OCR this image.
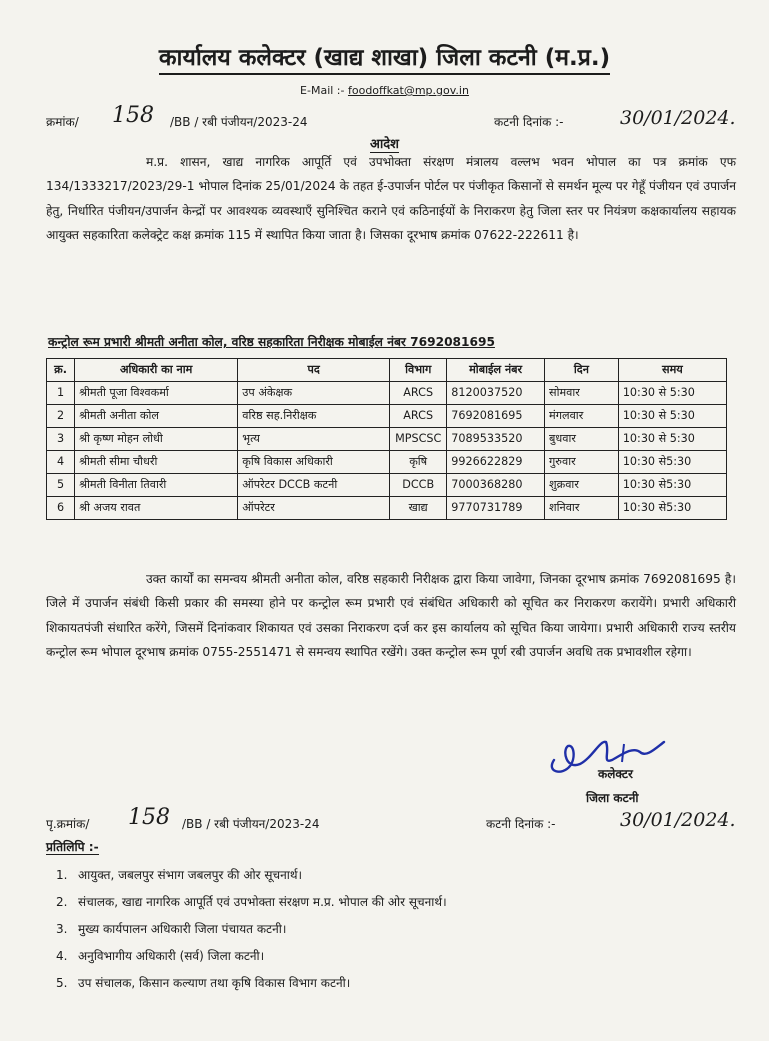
कार्यालय कलेक्टर (खाद्य शाखा) जिला कटनी (म.प्र.)
E-Mail :- foodoffkat@mp.gov.in
क्रमांक/ 158 /BB / रबी पंजीयन/2023-24	कटनी दिनांक :-	30/01/2024.
आदेश
म.प्र. शासन, खाद्य नागरिक आपूर्ति एवं उपभोक्ता संरक्षण मंत्रालय वल्लभ भवन भोपाल का पत्र क्रमांक एफ 134/1333217/2023/29-1 भोपाल दिनांक 25/01/2024 के तहत ई-उपार्जन पोर्टल पर पंजीकृत किसानों से समर्थन मूल्य पर गेहूँ पंजीयन एवं उपार्जन हेतु, निर्धारित पंजीयन/उपार्जन केन्द्रों पर आवश्यक व्यवस्थाएँ सुनिश्चित कराने एवं कठिनाईयों के निराकरण हेतु जिला स्तर पर नियंत्रण कक्षकार्यालय सहायक आयुक्त सहकारिता कलेक्ट्रेट कक्ष क्रमांक 115 में स्थापित किया जाता है। जिसका दूरभाष क्रमांक 07622-222611 है।
कन्ट्रोल रूम प्रभारी श्रीमती अनीता कोल, वरिष्ठ सहकारिता निरीक्षक मोबाईल नंबर 7692081695
क्र.	अधिकारी का नाम	पद	विभाग	मोबाईल नंबर	दिन	समय
1	श्रीमती पूजा विश्वकर्मा	उप अंकेक्षक	ARCS	8120037520	सोमवार	10:30 से 5:30
2	श्रीमती अनीता कोल	वरिष्ठ सह.निरीक्षक	ARCS	7692081695	मंगलवार	10:30 से 5:30
3	श्री कृष्ण मोहन लोधी	भृत्य	MPSCSC	7089533520	बुधवार	10:30 से 5:30
4	श्रीमती सीमा चौधरी	कृषि विकास अधिकारी	कृषि	9926622829	गुरुवार	10:30 से5:30
5	श्रीमती विनीता तिवारी	ऑपरेटर DCCB कटनी	DCCB	7000368280	शुक्रवार	10:30 से5:30
6	श्री अजय रावत	ऑपरेटर	खाद्य	9770731789	शनिवार	10:30 से5:30
उक्त कार्यों का समन्वय श्रीमती अनीता कोल, वरिष्ठ सहकारी निरीक्षक द्वारा किया जावेगा, जिनका दूरभाष क्रमांक 7692081695 है। जिले में उपार्जन संबंधी किसी प्रकार की समस्या होने पर कन्ट्रोल रूम प्रभारी एवं संबंधित अधिकारी को सूचित कर निराकरण करायेंगे। प्रभारी अधिकारी शिकायतपंजी संधारित करेंगे, जिसमें दिनांकवार शिकायत एवं उसका निराकरण दर्ज कर इस कार्यालय को सूचित किया जायेगा। प्रभारी अधिकारी राज्य स्तरीय कन्ट्रोल रूम भोपाल दूरभाष क्रमांक 0755-2551471 से समन्वय स्थापित रखेंगे। उक्त कन्ट्रोल रूम पूर्ण रबी उपार्जन अवधि तक प्रभावशील रहेगा।
कलेक्टर
जिला कटनी
पृ.क्रमांक/ 158 /BB / रबी पंजीयन/2023-24	कटनी दिनांक :-	30/01/2024.
प्रतिलिपि :-
1. आयुक्त, जबलपुर संभाग जबलपुर की ओर सूचनार्थ।
2. संचालक, खाद्य नागरिक आपूर्ति एवं उपभोक्ता संरक्षण म.प्र. भोपाल की ओर सूचनार्थ।
3. मुख्य कार्यपालन अधिकारी जिला पंचायत कटनी।
4. अनुविभागीय अधिकारी (सर्व) जिला कटनी।
5. उप संचालक, किसान कल्याण तथा कृषि विकास विभाग कटनी।
